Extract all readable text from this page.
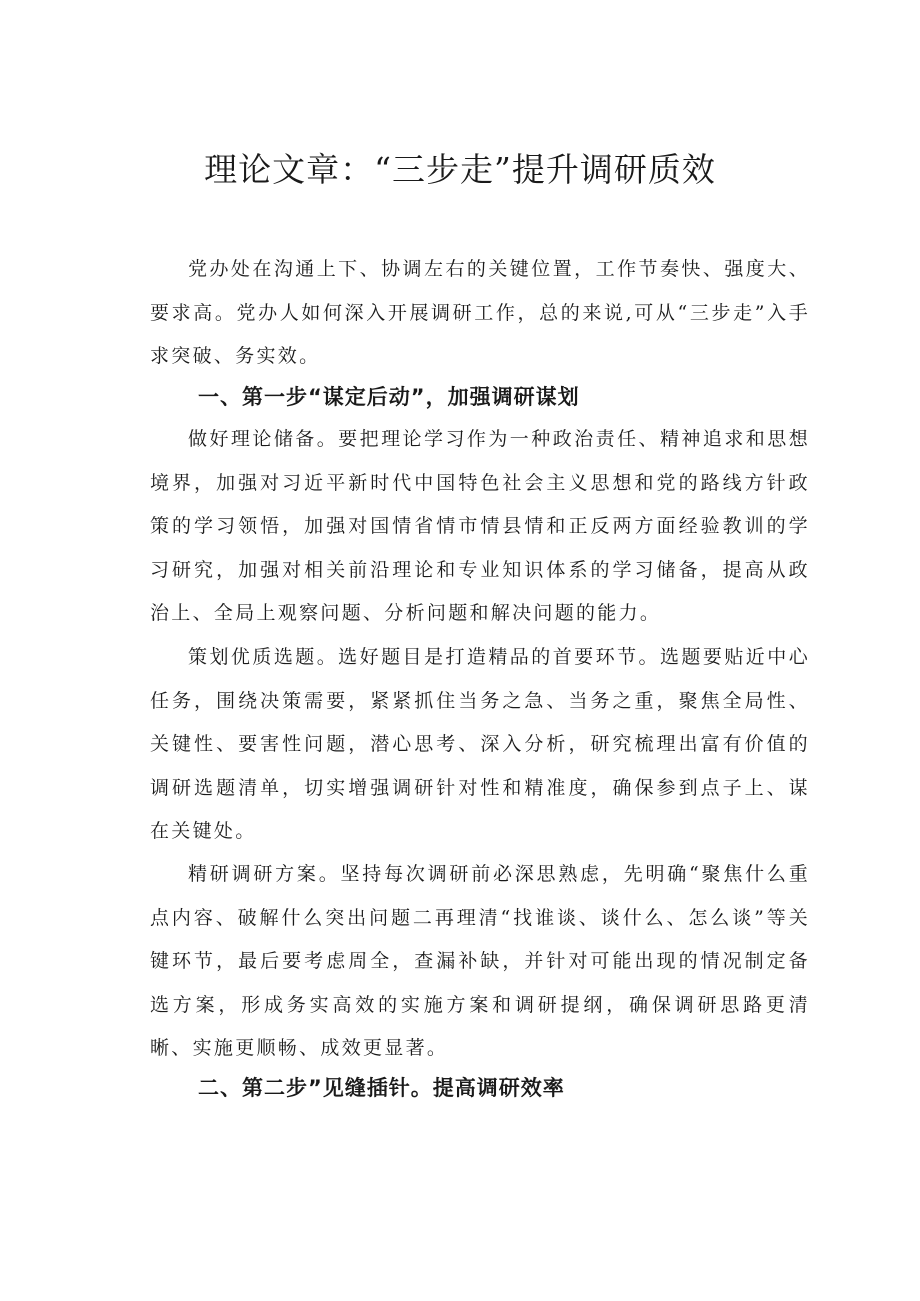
理论文章：“三步走”提升调研质效

党办处在沟通上下、协调左右的关键位置，工作节奏快、强度大、要求高。党办人如何深入开展调研工作，总的来说,可从“三步走”入手求突破、务实效。

一、第一步“谋定后动”，加强调研谋划

做好理论储备。要把理论学习作为一种政治责任、精神追求和思想境界，加强对习近平新时代中国特色社会主义思想和党的路线方针政策的学习领悟，加强对国情省情市情县情和正反两方面经验教训的学习研究，加强对相关前沿理论和专业知识体系的学习储备，提高从政治上、全局上观察问题、分析问题和解决问题的能力。

策划优质选题。选好题目是打造精品的首要环节。选题要贴近中心任务，围绕决策需要，紧紧抓住当务之急、当务之重，聚焦全局性、关键性、要害性问题，潜心思考、深入分析，研究梳理出富有价值的调研选题清单，切实增强调研针对性和精准度，确保参到点子上、谋在关键处。

精研调研方案。坚持每次调研前必深思熟虑，先明确“聚焦什么重点内容、破解什么突出问题二再理清“找谁谈、谈什么、怎么谈”等关键环节，最后要考虑周全，查漏补缺，并针对可能出现的情况制定备选方案，形成务实高效的实施方案和调研提纲，确保调研思路更清晰、实施更顺畅、成效更显著。

二、第二步”见缝插针。提高调研效率
